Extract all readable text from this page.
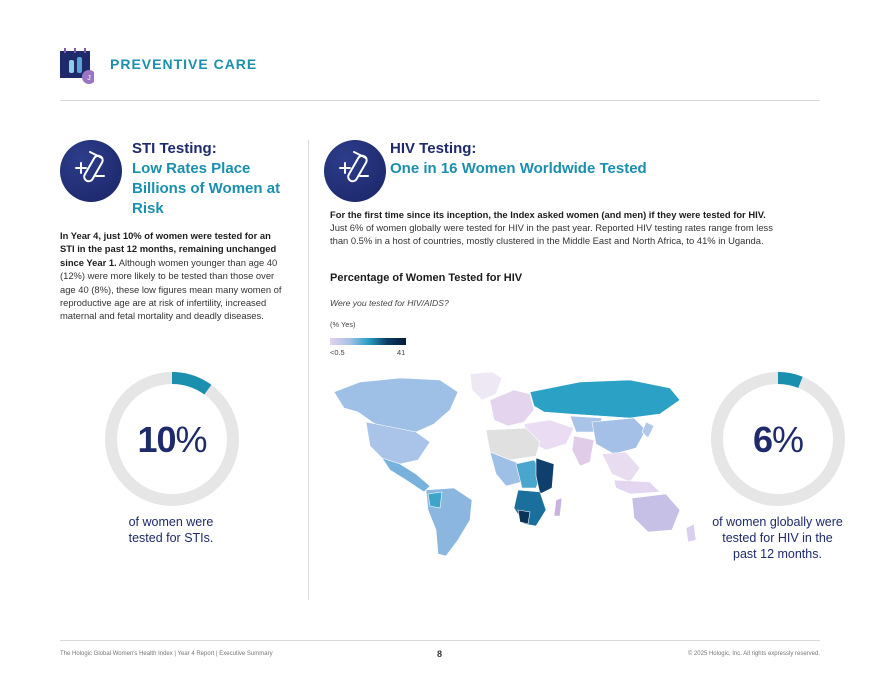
J
PREVENTIVE CARE
STI Testing:
Low Rates Place Billions of Women at Risk

In Year 4, just 10% of women were tested for an STI in the past 12 months, remaining unchanged since Year 1. Although women younger than age 40 (12%) were more likely to be tested than those over age 40 (8%), these low figures mean many women of reproductive age are at risk of infertility, increased maternal and fetal mortality and deadly diseases.

10%
of women were tested for STIs.
HIV Testing:
One in 16 Women Worldwide Tested

For the first time since its inception, the Index asked women (and men) if they were tested for HIV. Just 6% of women globally were tested for HIV in the past year. Reported HIV testing rates range from less than 0.5% in a host of countries, mostly clustered in the Middle East and North Africa, to 41% in Uganda.

Percentage of Women Tested for HIV
Were you tested for HIV/AIDS?
(% Yes)
<0.5	41
6%
of women globally were tested for HIV in the past 12 months.
The Hologic Global Women's Health Index | Year 4 Report | Executive Summary	8	© 2025 Hologic, Inc. All rights expressly reserved.
